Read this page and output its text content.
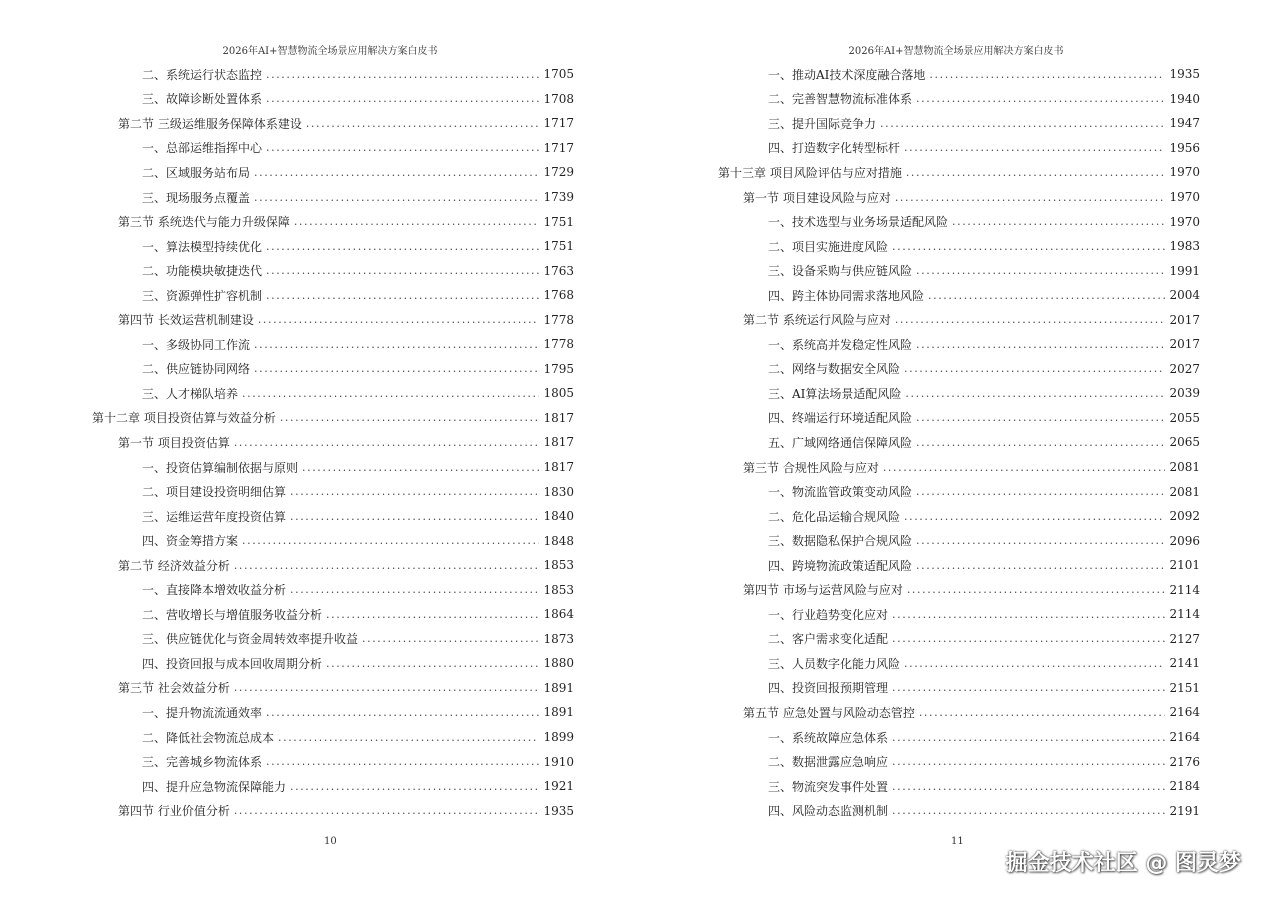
2026年AI+智慧物流全场景应用解决方案白皮书
二、系统运行状态监控 .....	1705
三、故障诊断处置体系 .....	1708
第二节 三级运维服务保障体系建设 .....	1717
一、总部运维指挥中心 .....	1717
二、区域服务站布局 .....	1729
三、现场服务点覆盖 .....	1739
第三节 系统迭代与能力升级保障 .....	1751
一、算法模型持续优化 .....	1751
二、功能模块敏捷迭代 .....	1763
三、资源弹性扩容机制 .....	1768
第四节 长效运营机制建设 .....	1778
一、多级协同工作流 .....	1778
二、供应链协同网络 .....	1795
三、人才梯队培养 .....	1805
第十二章 项目投资估算与效益分析 .....	1817
第一节 项目投资估算 .....	1817
一、投资估算编制依据与原则 .....	1817
二、项目建设投资明细估算 .....	1830
三、运维运营年度投资估算 .....	1840
四、资金筹措方案 .....	1848
第二节 经济效益分析 .....	1853
一、直接降本增效收益分析 .....	1853
二、营收增长与增值服务收益分析 .....	1864
三、供应链优化与资金周转效率提升收益 .....	1873
四、投资回报与成本回收周期分析 .....	1880
第三节 社会效益分析 .....	1891
一、提升物流流通效率 .....	1891
二、降低社会物流总成本 .....	1899
三、完善城乡物流体系 .....	1910
四、提升应急物流保障能力 .....	1921
第四节 行业价值分析 .....	1935
10
2026年AI+智慧物流全场景应用解决方案白皮书
一、推动AI技术深度融合落地 .....	1935
二、完善智慧物流标准体系 .....	1940
三、提升国际竞争力 .....	1947
四、打造数字化转型标杆 .....	1956
第十三章 项目风险评估与应对措施 .....	1970
第一节 项目建设风险与应对 .....	1970
一、技术选型与业务场景适配风险 .....	1970
二、项目实施进度风险 .....	1983
三、设备采购与供应链风险 .....	1991
四、跨主体协同需求落地风险 .....	2004
第二节 系统运行风险与应对 .....	2017
一、系统高并发稳定性风险 .....	2017
二、网络与数据安全风险 .....	2027
三、AI算法场景适配风险 .....	2039
四、终端运行环境适配风险 .....	2055
五、广域网络通信保障风险 .....	2065
第三节 合规性风险与应对 .....	2081
一、物流监管政策变动风险 .....	2081
二、危化品运输合规风险 .....	2092
三、数据隐私保护合规风险 .....	2096
四、跨境物流政策适配风险 .....	2101
第四节 市场与运营风险与应对 .....	2114
一、行业趋势变化应对 .....	2114
二、客户需求变化适配 .....	2127
三、人员数字化能力风险 .....	2141
四、投资回报预期管理 .....	2151
第五节 应急处置与风险动态管控 .....	2164
一、系统故障应急体系 .....	2164
二、数据泄露应急响应 .....	2176
三、物流突发事件处置 .....	2184
四、风险动态监测机制 .....	2191
11
掘金技术社区 @ 图灵梦
